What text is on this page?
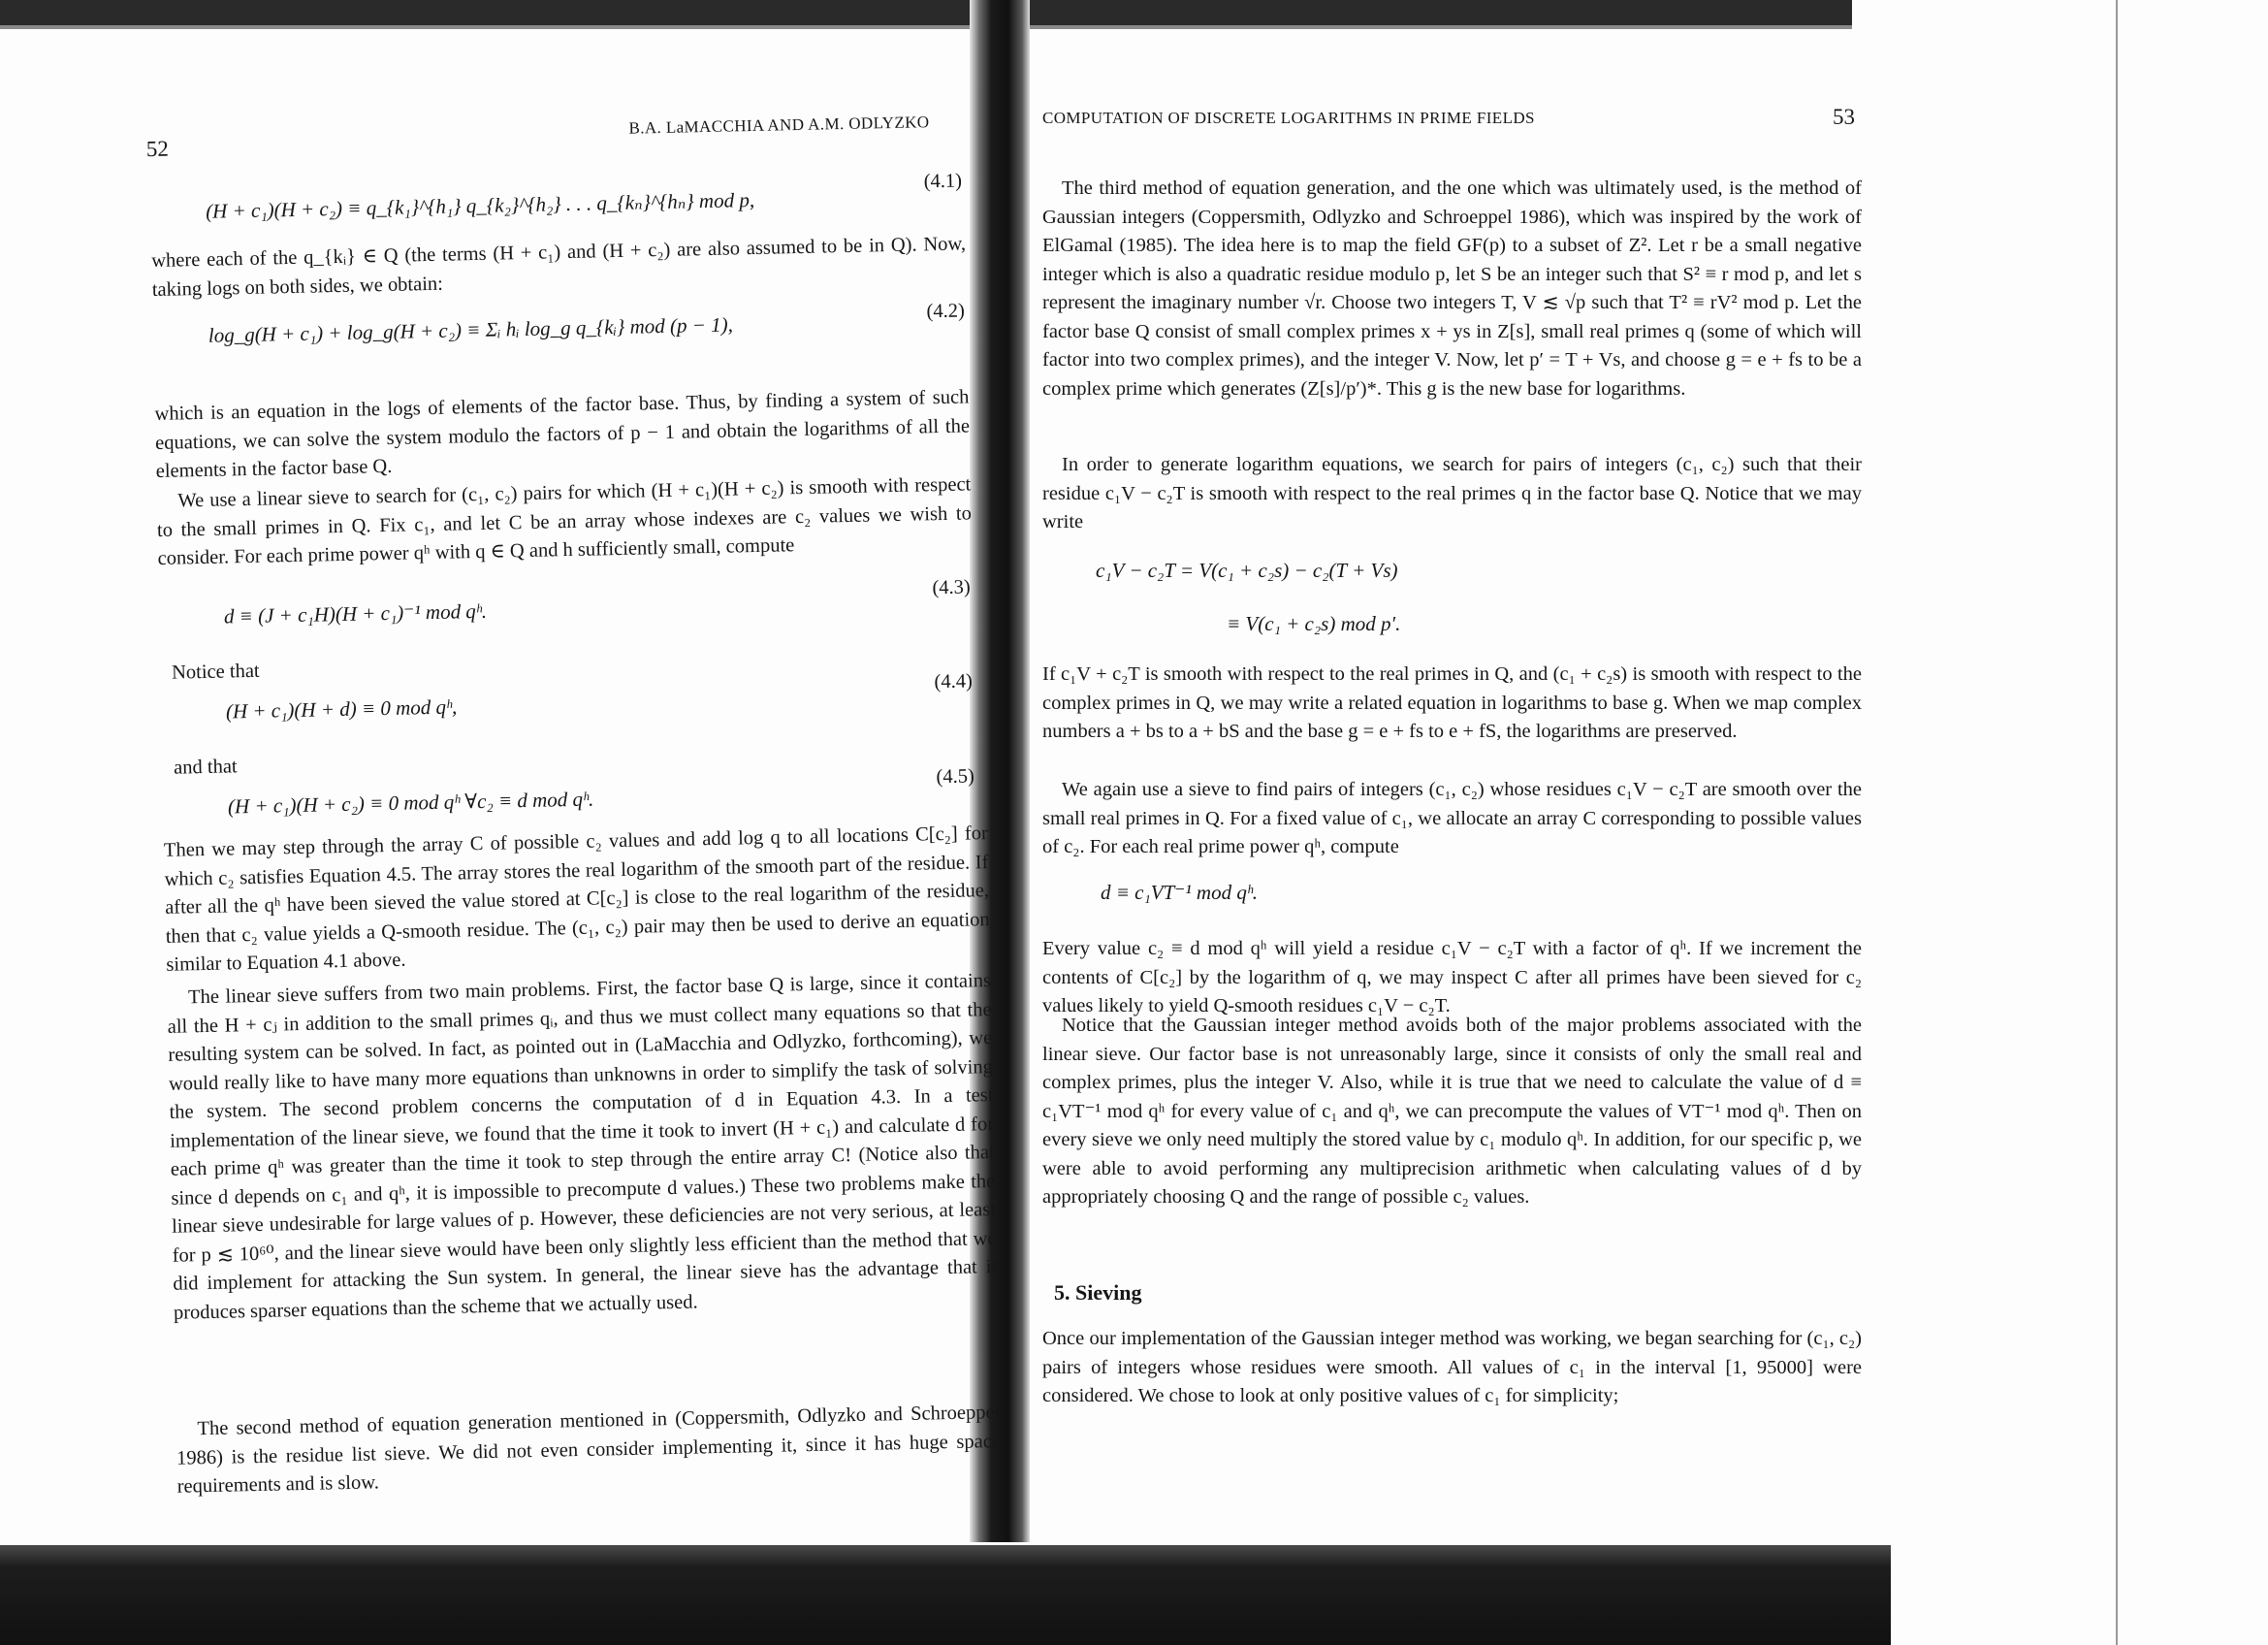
52
B.A. LaMACCHIA AND A.M. ODLYZKO
(H + c₁)(H + c₂) ≡ q_{k₁}^{h₁} q_{k₂}^{h₂} . . . q_{kₙ}^{hₙ} mod p,
(4.1)

where each of the q_{kᵢ} ∈ Q (the terms (H + c₁) and (H + c₂) are also assumed to be in Q). Now, taking logs on both sides, we obtain:

log_g(H + c₁) + log_g(H + c₂) ≡ Σᵢ hᵢ log_g q_{kᵢ} mod (p − 1),
(4.2)

which is an equation in the logs of elements of the factor base. Thus, by finding a system of such equations, we can solve the system modulo the factors of p − 1 and obtain the logarithms of all the elements in the factor base Q.

We use a linear sieve to search for (c₁, c₂) pairs for which (H + c₁)(H + c₂) is smooth with respect to the small primes in Q. Fix c₁, and let C be an array whose indexes are c₂ values we wish to consider. For each prime power qʰ with q ∈ Q and h sufficiently small, compute

d ≡ (J + c₁H)(H + c₁)⁻¹ mod qʰ.
(4.3)
Notice that
(H + c₁)(H + d) ≡ 0 mod qʰ,
(4.4)
and that
(H + c₁)(H + c₂) ≡ 0 mod qʰ ∀c₂ ≡ d mod qʰ.
(4.5)

Then we may step through the array C of possible c₂ values and add log q to all locations C[c₂] for which c₂ satisfies Equation 4.5. The array stores the real logarithm of the smooth part of the residue. If after all the qʰ have been sieved the value stored at C[c₂] is close to the real logarithm of the residue, then that c₂ value yields a Q-smooth residue. The (c₁, c₂) pair may then be used to derive an equation similar to Equation 4.1 above.

The linear sieve suffers from two main problems. First, the factor base Q is large, since it contains all the H + cⱼ in addition to the small primes qᵢ, and thus we must collect many equations so that the resulting system can be solved. In fact, as pointed out in (LaMacchia and Odlyzko, forthcoming), we would really like to have many more equations than unknowns in order to simplify the task of solving the system. The second problem concerns the computation of d in Equation 4.3. In a test implementation of the linear sieve, we found that the time it took to invert (H + c₁) and calculate d for each prime qʰ was greater than the time it took to step through the entire array C! (Notice also that since d depends on c₁ and qʰ, it is impossible to precompute d values.) These two problems make the linear sieve undesirable for large values of p. However, these deficiencies are not very serious, at least for p ≲ 10⁶⁰, and the linear sieve would have been only slightly less efficient than the method that we did implement for attacking the Sun system. In general, the linear sieve has the advantage that it produces sparser equations than the scheme that we actually used.

The second method of equation generation mentioned in (Coppersmith, Odlyzko and Schroeppel 1986) is the residue list sieve. We did not even consider implementing it, since it has huge space requirements and is slow.

COMPUTATION OF DISCRETE LOGARITHMS IN PRIME FIELDS	53

The third method of equation generation, and the one which was ultimately used, is the method of Gaussian integers (Coppersmith, Odlyzko and Schroeppel 1986), which was inspired by the work of ElGamal (1985). The idea here is to map the field GF(p) to a subset of Z². Let r be a small negative integer which is also a quadratic residue modulo p, let S be an integer such that S² ≡ r mod p, and let s represent the imaginary number √r. Choose two integers T, V ≲ √p such that T² ≡ rV² mod p. Let the factor base Q consist of small complex primes x + ys in Z[s], small real primes q (some of which will factor into two complex primes), and the integer V. Now, let p′ = T + Vs, and choose g = e + fs to be a complex prime which generates (Z[s]/p′)*. This g is the new base for logarithms.

In order to generate logarithm equations, we search for pairs of integers (c₁, c₂) such that their residue c₁V − c₂T is smooth with respect to the real primes q in the factor base Q. Notice that we may write

c₁V − c₂T = V(c₁ + c₂s) − c₂(T + Vs)
≡ V(c₁ + c₂s) mod p′.

If c₁V + c₂T is smooth with respect to the real primes in Q, and (c₁ + c₂s) is smooth with respect to the complex primes in Q, we may write a related equation in logarithms to base g. When we map complex numbers a + bs to a + bS and the base g = e + fs to e + fS, the logarithms are preserved.

We again use a sieve to find pairs of integers (c₁, c₂) whose residues c₁V − c₂T are smooth over the small real primes in Q. For a fixed value of c₁, we allocate an array C corresponding to possible values of c₂. For each real prime power qʰ, compute

d ≡ c₁VT⁻¹ mod qʰ.

Every value c₂ ≡ d mod qʰ will yield a residue c₁V − c₂T with a factor of qʰ. If we increment the contents of C[c₂] by the logarithm of q, we may inspect C after all primes have been sieved for c₂ values likely to yield Q-smooth residues c₁V − c₂T.

Notice that the Gaussian integer method avoids both of the major problems associated with the linear sieve. Our factor base is not unreasonably large, since it consists of only the small real and complex primes, plus the integer V. Also, while it is true that we need to calculate the value of d ≡ c₁VT⁻¹ mod qʰ for every value of c₁ and qʰ, we can precompute the values of VT⁻¹ mod qʰ. Then on every sieve we only need multiply the stored value by c₁ modulo qʰ. In addition, for our specific p, we were able to avoid performing any multiprecision arithmetic when calculating values of d by appropriately choosing Q and the range of possible c₂ values.

5. Sieving

Once our implementation of the Gaussian integer method was working, we began searching for (c₁, c₂) pairs of integers whose residues were smooth. All values of c₁ in the interval [1, 95000] were considered. We chose to look at only positive values of c₁ for simplicity;
